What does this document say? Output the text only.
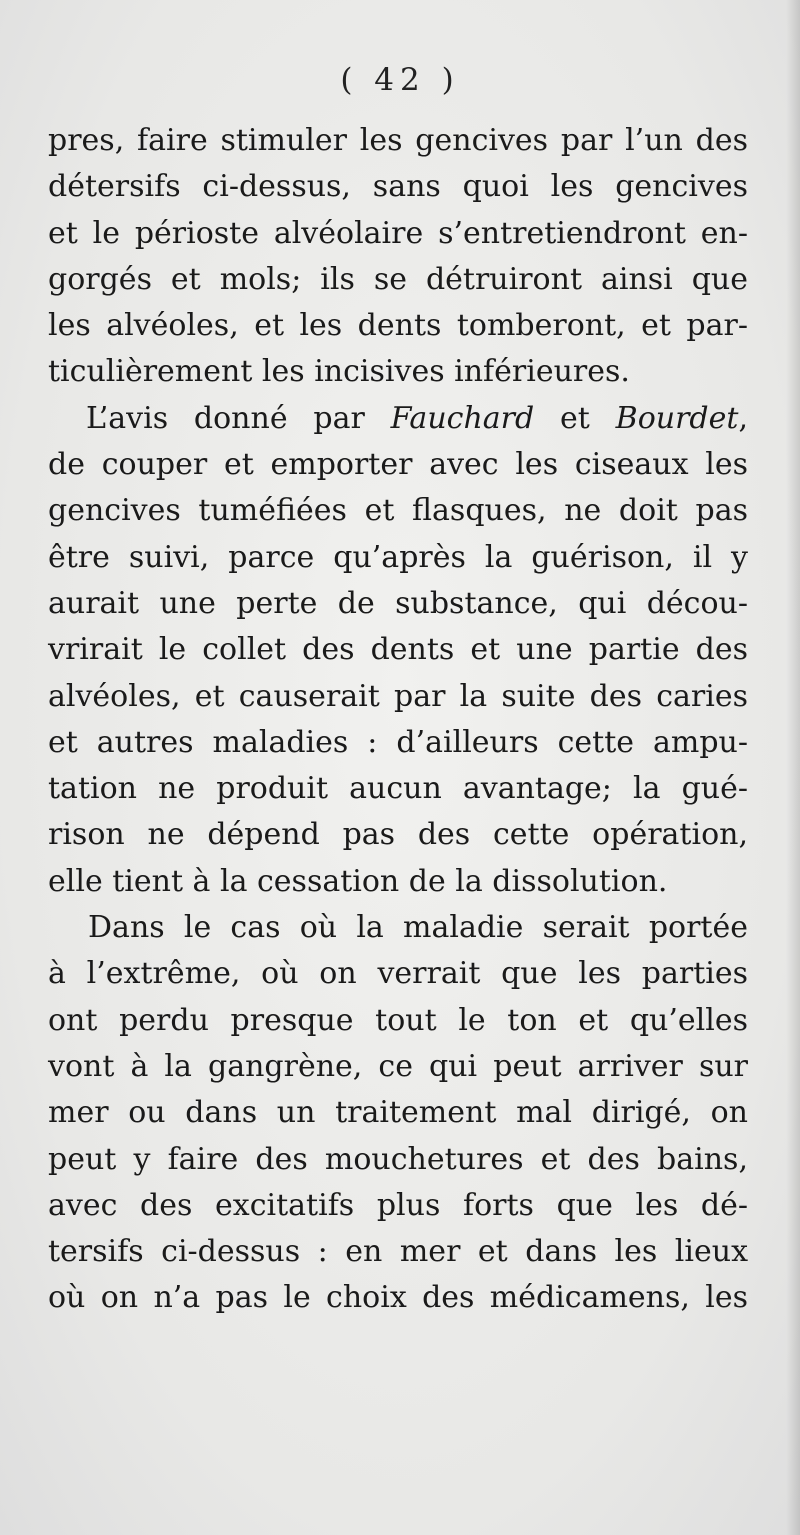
( 42 )
pres, faire stimuler les gencives par l’un des
détersifs ci-dessus, sans quoi les gencives
et le périoste alvéolaire s’entretiendront en-
gorgés et mols; ils se détruiront ainsi que
les alvéoles, et les dents tomberont, et par-
ticulièrement les incisives inférieures.
L’avis donné par Fauchard et Bourdet,
de couper et emporter avec les ciseaux les
gencives tuméfiées et flasques, ne doit pas
être suivi, parce qu’après la guérison, il y
aurait une perte de substance, qui décou-
vrirait le collet des dents et une partie des
alvéoles, et causerait par la suite des caries
et autres maladies : d’ailleurs cette ampu-
tation ne produit aucun avantage; la gué-
rison ne dépend pas des cette opération,
elle tient à la cessation de la dissolution.
Dans le cas où la maladie serait portée
à l’extrême, où on verrait que les parties
ont perdu presque tout le ton et qu’elles
vont à la gangrène, ce qui peut arriver sur
mer ou dans un traitement mal dirigé, on
peut y faire des mouchetures et des bains,
avec des excitatifs plus forts que les dé-
tersifs ci-dessus : en mer et dans les lieux
où on n’a pas le choix des médicamens, les
